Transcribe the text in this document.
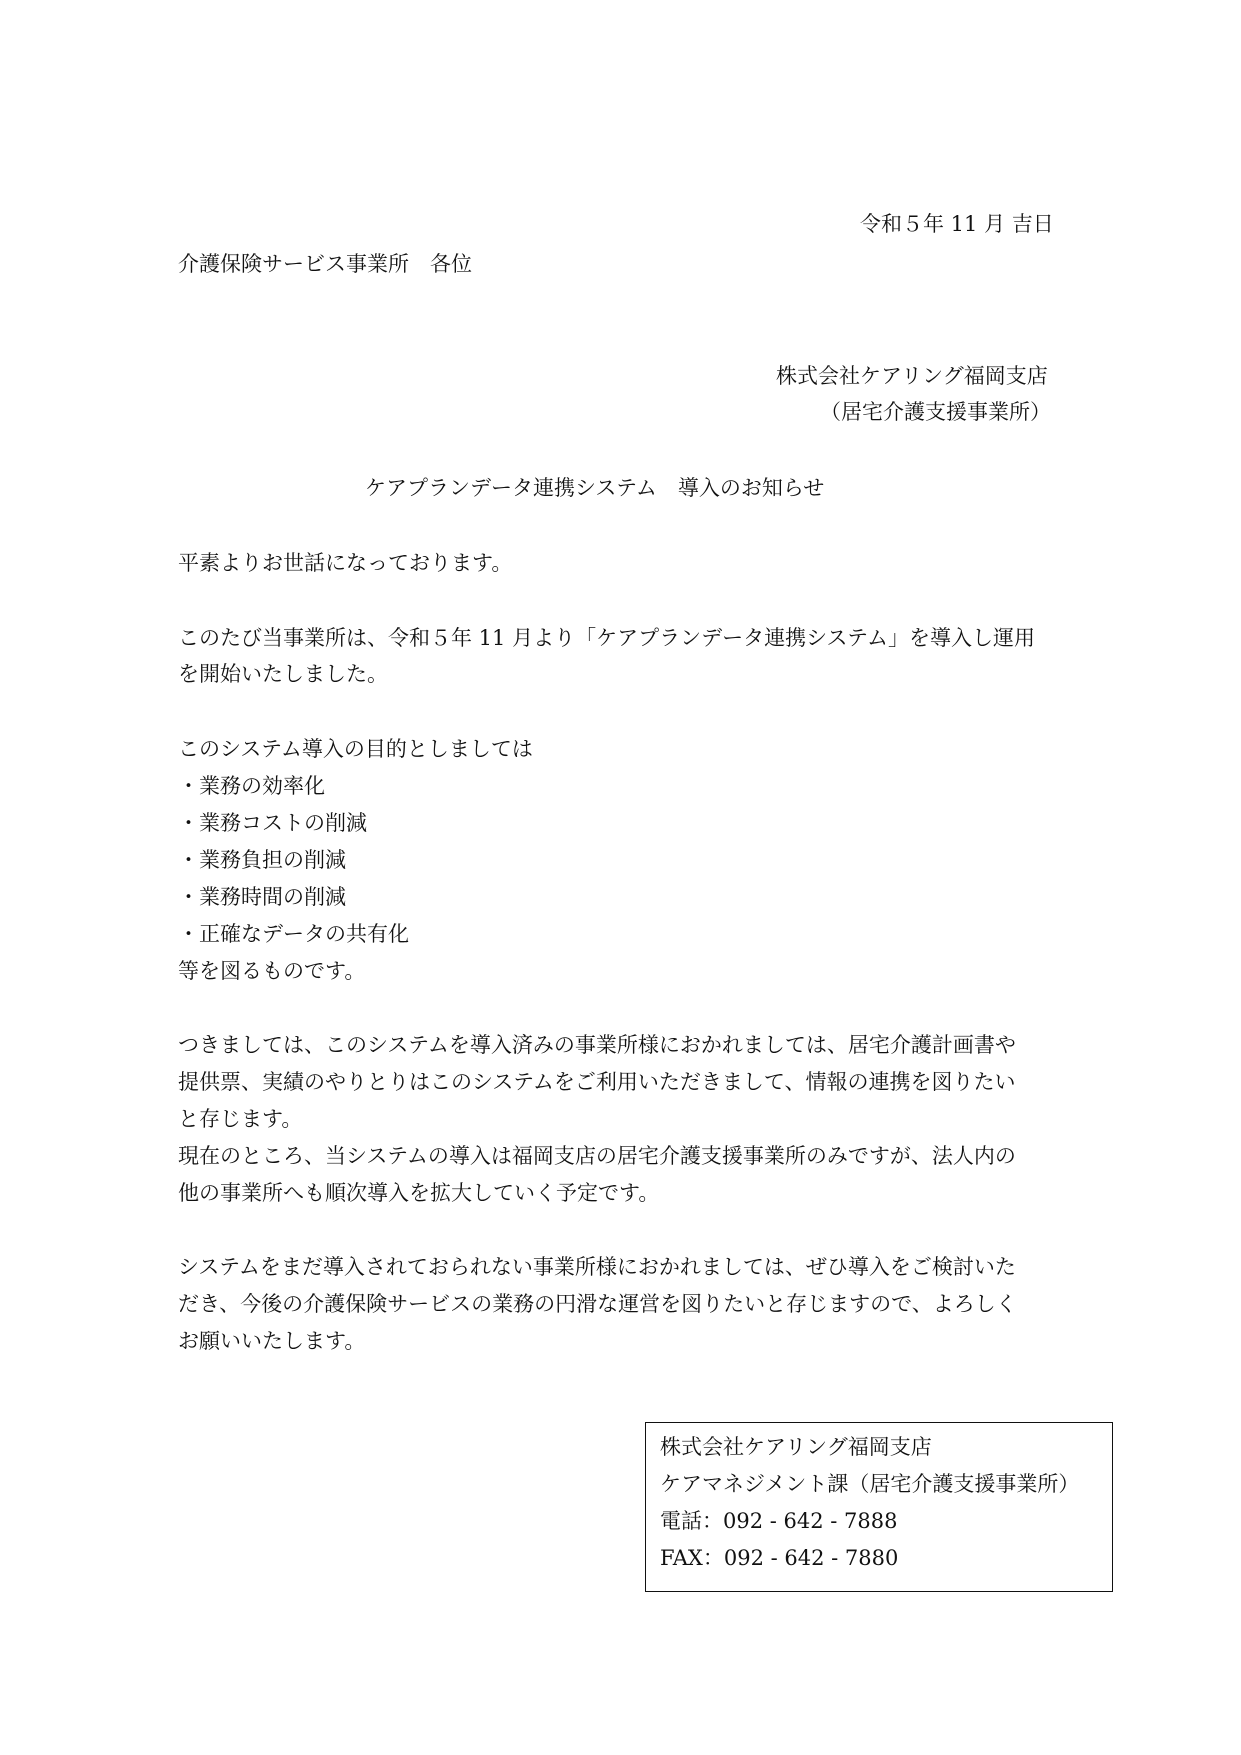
令和５年 11 月 吉日
介護保険サービス事業所　各位
株式会社ケアリング福岡支店
（居宅介護支援事業所）
ケアプランデータ連携システム　導入のお知らせ
平素よりお世話になっております。
このたび当事業所は、令和５年 11 月より「ケアプランデータ連携システム」を導入し運用
を開始いたしました。
このシステム導入の目的としましては
・業務の効率化
・業務コストの削減
・業務負担の削減
・業務時間の削減
・正確なデータの共有化
等を図るものです。
つきましては、このシステムを導入済みの事業所様におかれましては、居宅介護計画書や
提供票、実績のやりとりはこのシステムをご利用いただきまして、情報の連携を図りたい
と存じます。
現在のところ、当システムの導入は福岡支店の居宅介護支援事業所のみですが、法人内の
他の事業所へも順次導入を拡大していく予定です。
システムをまだ導入されておられない事業所様におかれましては、ぜひ導入をご検討いた
だき、今後の介護保険サービスの業務の円滑な運営を図りたいと存じますので、よろしく
お願いいたします。
株式会社ケアリング福岡支店
ケアマネジメント課（居宅介護支援事業所）
電話：092 - 642 - 7888
FAX：092 - 642 - 7880
